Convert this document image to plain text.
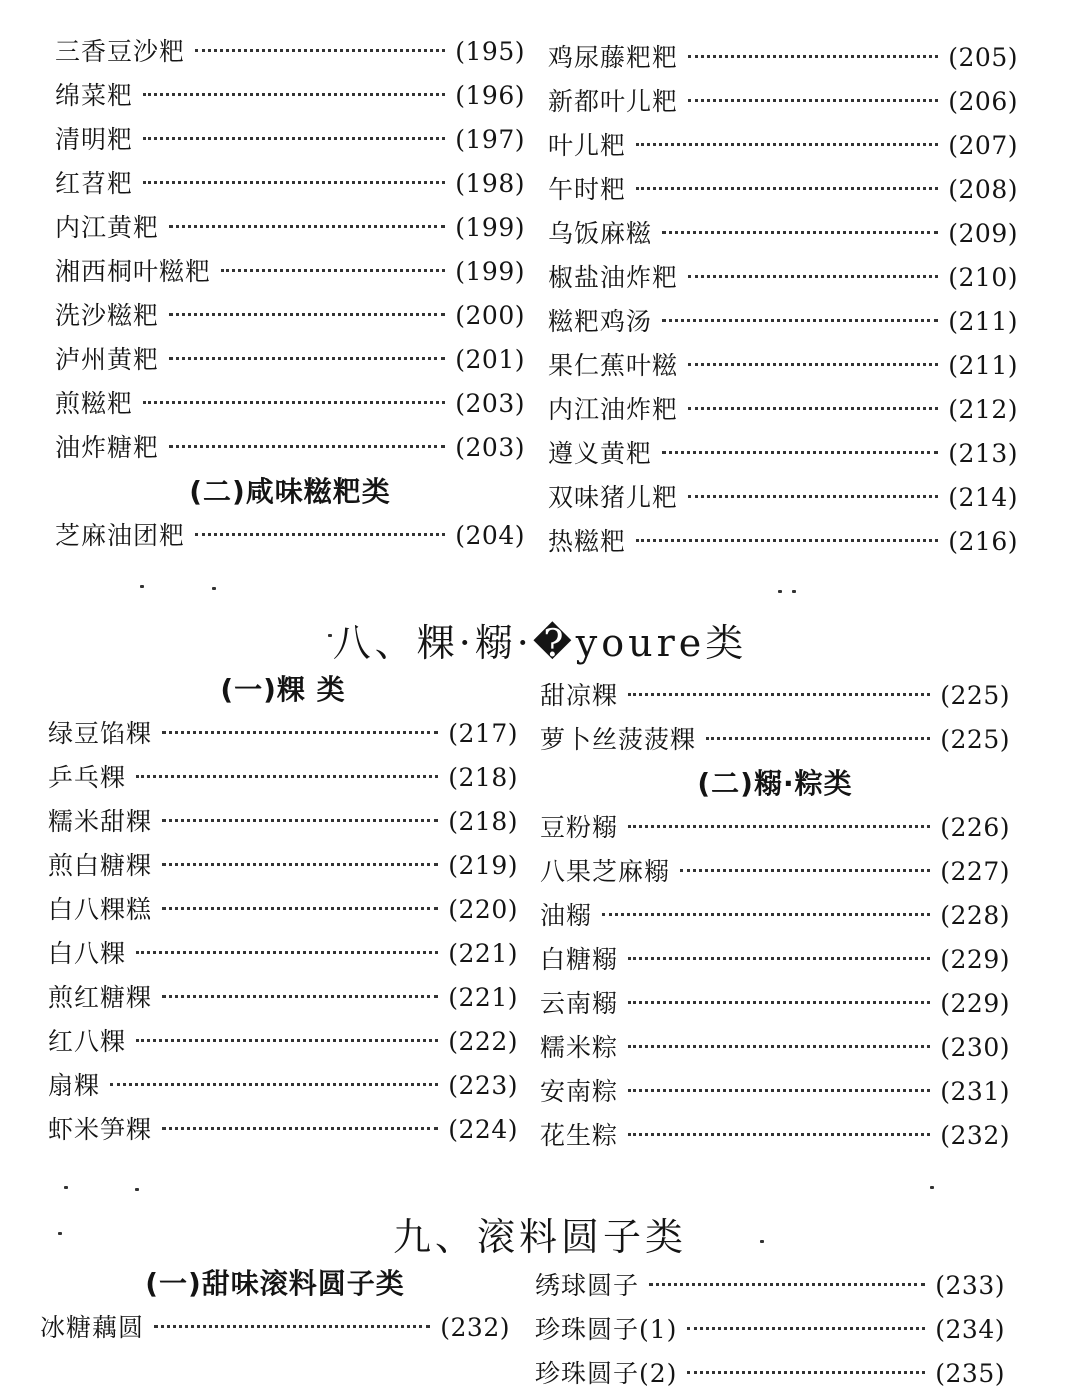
三香豆沙粑	(195)
绵菜粑	(196)
清明粑	(197)
红苕粑	(198)
内江黄粑	(199)
湘西桐叶糍粑	(199)
洗沙糍粑	(200)
泸州黄粑	(201)
煎糍粑	(203)
油炸糖粑	(203)
(二)咸味糍粑类
芝麻油团粑	(204)
鸡尿藤粑粑	(205)
新都叶儿粑	(206)
叶儿粑	(207)
午时粑	(208)
乌饭麻糍	(209)
椒盐油炸粑	(210)
糍粑鸡汤	(211)
果仁蕉叶糍	(211)
内江油炸粑	(212)
遵义黄粑	(213)
双味猪儿粑	(214)
热糍粑	(216)
八、粿·糑·�youre类
(一)粿 类
绿豆馅粿	(217)
乒乓粿	(218)
糯米甜粿	(218)
煎白糖粿	(219)
白八粿糕	(220)
白八粿	(221)
煎红糖粿	(221)
红八粿	(222)
扇粿	(223)
虾米笋粿	(224)
甜凉粿	(225)
萝卜丝菠菠粿	(225)
(二)糑·粽类
豆粉糑	(226)
八果芝麻糑	(227)
油糑	(228)
白糖糑	(229)
云南糑	(229)
糯米粽	(230)
安南粽	(231)
花生粽	(232)
九、滚料圆子类
(一)甜味滚料圆子类
冰糖藕圆	(232)
绣球圆子	(233)
珍珠圆子(1)	(234)
珍珠圆子(2)	(235)
